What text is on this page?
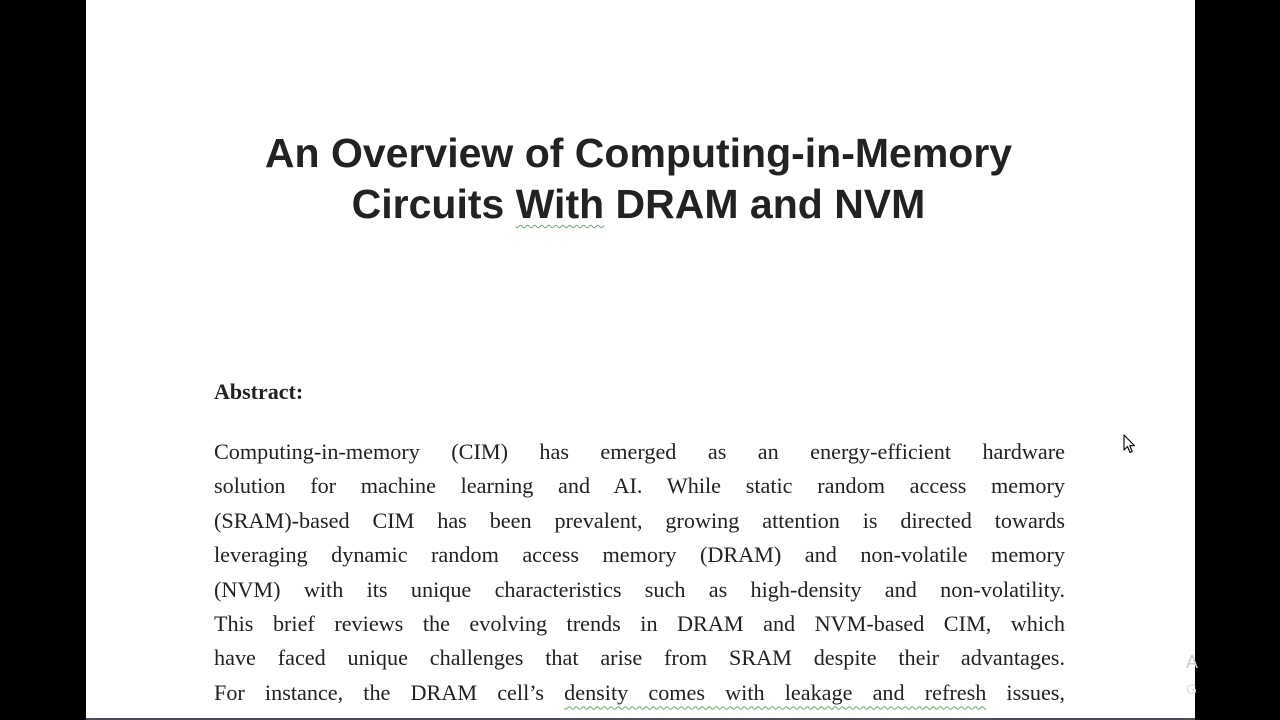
An Overview of Computing-in-Memory
Circuits With DRAM and NVM
Abstract:

Computing-in-memory (CIM) has emerged as an energy-efficient hardware
solution for machine learning and AI. While static random access memory
(SRAM)-based CIM has been prevalent, growing attention is directed towards
leveraging dynamic random access memory (DRAM) and non-volatile memory
(NVM) with its unique characteristics such as high-density and non-volatility.
This brief reviews the evolving trends in DRAM and NVM-based CIM, which
have faced unique challenges that arise from SRAM despite their advantages.
For instance, the DRAM cell’s density comes with leakage and refresh issues,

A
G
